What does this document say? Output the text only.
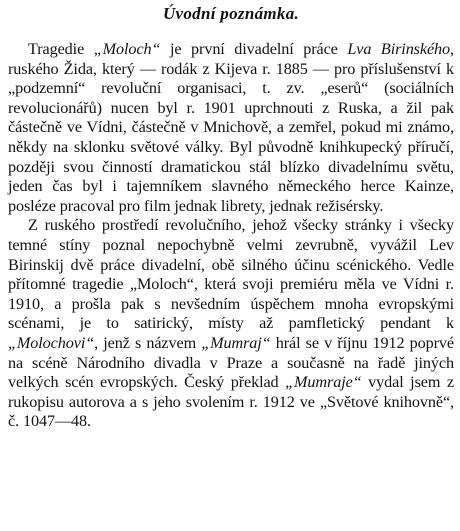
Úvodní poznámka.

Tragedie „Moloch“ je první divadelní práce Lva Birinského, ruského Žida, který — rodák z Kijeva r. 1885 — pro příslušenství k „podzemní“ revoluční organisaci, t. zv. „eserů“ (sociálních revolucionářů) nucen byl r. 1901 uprchnouti z Ruska, a žil pak částečně ve Vídni, částečně v Mnichově, a zemřel, pokud mi známo, někdy na sklonku světové války. Byl původně knihkupecký příručí, později svou činností dramatickou stál blízko divadelnímu světu, jeden čas byl i tajemníkem slavného německého herce Kainze, posléze pracoval pro film jednak librety, jednak režisérsky.

Z ruského prostředí revolučního, jehož všecky stránky i všecky temné stíny poznal nepochybně velmi zevrubně, vyvážil Lev Birinskij dvě práce divadelní, obě silného účinu scénického. Vedle přítomné tragedie „Moloch“, která svoji premiéru měla ve Vídni r. 1910, a prošla pak s nevšedním úspěchem mnoha evropskými scénami, je to satirický, místy až pamfletický pendant k „Molochovi“, jenž s názvem „Mumraj“ hrál se v říjnu 1912 poprvé na scéně Národního divadla v Praze a současně na řadě jiných velkých scén evropských. Český překlad „Mumraje“ vydal jsem z rukopisu autorova a s jeho svolením r. 1912 ve „Světové knihovně“, č. 1047—48.
